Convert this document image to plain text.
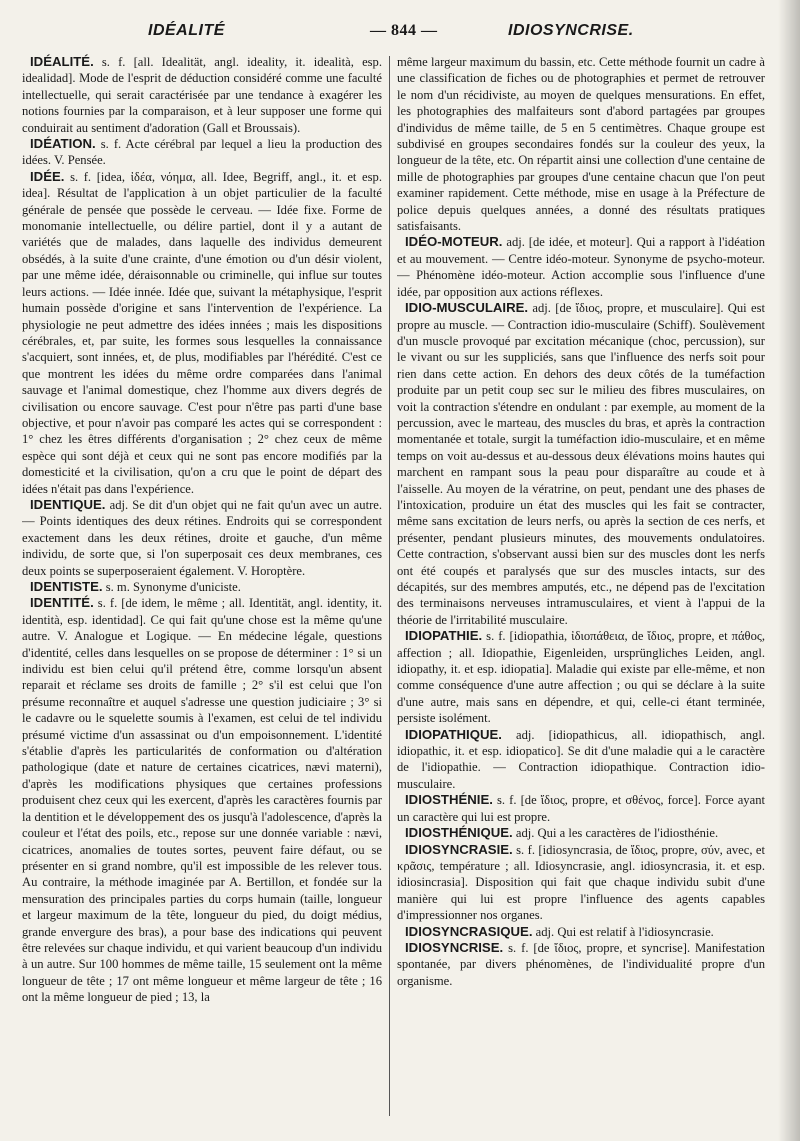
IDÉALITÉ	— 844 —	IDIOSYNCRISE.

IDÉALITÉ. s. f. [all. Idealität, angl. ideality, it. idealità, esp. idealidad]. Mode de l'esprit de déduction considéré comme une faculté intellectuelle, qui serait caractérisée par une tendance à exagérer les notions fournies par la comparaison, et à leur supposer une forme qui conduirait au sentiment d'adoration (Gall et Broussais).

IDÉATION. s. f. Acte cérébral par lequel a lieu la production des idées. V. Pensée.

IDÉE. s. f. [idea, ἰδέα, νόημα, all. Idee, Begriff, angl., it. et esp. idea]. Résultat de l'application à un objet particulier de la faculté générale de pensée que possède le cerveau. — Idée fixe. Forme de monomanie intellectuelle, ou délire partiel, dont il y a autant de variétés que de malades, dans laquelle des individus demeurent obsédés, à la suite d'une crainte, d'une émotion ou d'un désir violent, par une même idée, déraisonnable ou criminelle, qui influe sur toutes leurs actions. — Idée innée. Idée que, suivant la métaphysique, l'esprit humain possède d'origine et sans l'intervention de l'expérience. La physiologie ne peut admettre des idées innées ; mais les dispositions cérébrales, et, par suite, les formes sous lesquelles la connaissance s'acquiert, sont innées, et, de plus, modifiables par l'hérédité. C'est ce que montrent les idées du même ordre comparées dans l'animal sauvage et l'animal domestique, chez l'homme aux divers degrés de civilisation ou encore sauvage. C'est pour n'être pas parti d'une base objective, et pour n'avoir pas comparé les actes qui se correspondent : 1° chez les êtres différents d'organisation ; 2° chez ceux de même espèce qui sont déjà et ceux qui ne sont pas encore modifiés par la domesticité et la civilisation, qu'on a cru que le point de départ des idées n'était pas dans l'expérience.

IDENTIQUE. adj. Se dit d'un objet qui ne fait qu'un avec un autre. — Points identiques des deux rétines. Endroits qui se correspondent exactement dans les deux rétines, droite et gauche, d'un même individu, de sorte que, si l'on superposait ces deux membranes, ces deux points se superposeraient également. V. Horoptère.

IDENTISTE. s. m. Synonyme d'uniciste.

IDENTITÉ. s. f. [de idem, le même ; all. Identität, angl. identity, it. identità, esp. identidad]. Ce qui fait qu'une chose est la même qu'une autre. V. Analogue et Logique. — En médecine légale, questions d'identité, celles dans lesquelles on se propose de déterminer : 1° si un individu est bien celui qu'il prétend être, comme lorsqu'un absent reparait et réclame ses droits de famille ; 2° s'il est celui que l'on présume reconnaître et auquel s'adresse une question judiciaire ; 3° si le cadavre ou le squelette soumis à l'examen, est celui de tel individu présumé victime d'un assassinat ou d'un empoisonnement. L'identité s'établie d'après les particularités de conformation ou d'altération pathologique (date et nature de certaines cicatrices, nævi materni), d'après les modifications physiques que certaines professions produisent chez ceux qui les exercent, d'après les caractères fournis par la dentition et le développement des os jusqu'à l'adolescence, d'après la couleur et l'état des poils, etc., repose sur une donnée variable : nævi, cicatrices, anomalies de toutes sortes, peuvent faire défaut, ou se présenter en si grand nombre, qu'il est impossible de les relever tous. Au contraire, la méthode imaginée par A. Bertillon, et fondée sur la mensuration des principales parties du corps humain (taille, longueur et largeur maximum de la tête, longueur du pied, du doigt médius, grande envergure des bras), a pour base des indications qui peuvent être relevées sur chaque individu, et qui varient beaucoup d'un individu à un autre. Sur 100 hommes de même taille, 15 seulement ont la même longueur de tête ; 17 ont même longueur et même largeur de tête ; 16 ont la même longueur de pied ; 13, la

même largeur maximum du bassin, etc. Cette méthode fournit un cadre à une classification de fiches ou de photographies et permet de retrouver le nom d'un récidiviste, au moyen de quelques mensurations. En effet, les photographies des malfaiteurs sont d'abord partagées par groupes d'individus de même taille, de 5 en 5 centimètres. Chaque groupe est subdivisé en groupes secondaires fondés sur la couleur des yeux, la longueur de la tête, etc. On répartit ainsi une collection d'une centaine de mille de photographies par groupes d'une centaine chacun que l'on peut examiner rapidement. Cette méthode, mise en usage à la Préfecture de police depuis quelques années, a donné des résultats pratiques satisfaisants.

IDÉO-MOTEUR. adj. [de idée, et moteur]. Qui a rapport à l'idéation et au mouvement. — Centre idéo-moteur. Synonyme de psycho-moteur. — Phénomène idéo-moteur. Action accomplie sous l'influence d'une idée, par opposition aux actions réflexes.

IDIO-MUSCULAIRE. adj. [de ἴδιος, propre, et musculaire]. Qui est propre au muscle. — Contraction idio-musculaire (Schiff). Soulèvement d'un muscle provoqué par excitation mécanique (choc, percussion), sur le vivant ou sur les suppliciés, sans que l'influence des nerfs soit pour rien dans cette action. En dehors des deux côtés de la tuméfaction produite par un petit coup sec sur le milieu des fibres musculaires, on voit la contraction s'étendre en ondulant : par exemple, au moment de la percussion, avec le marteau, des muscles du bras, et après la contraction momentanée et totale, surgit la tuméfaction idio-musculaire, et en même temps on voit au-dessus et au-dessous deux élévations moins hautes qui marchent en rampant sous la peau pour disparaître au coude et à l'aisselle. Au moyen de la vératrine, on peut, pendant une des phases de l'intoxication, produire un état des muscles qui les fait se contracter, même sans excitation de leurs nerfs, ou après la section de ces nerfs, et présenter, pendant plusieurs minutes, des mouvements ondulatoires. Cette contraction, s'observant aussi bien sur des muscles dont les nerfs ont été coupés et paralysés que sur des muscles intacts, sur des décapités, sur des membres amputés, etc., ne dépend pas de l'excitation des terminaisons nerveuses intramusculaires, et vient à l'appui de la théorie de l'irritabilité musculaire.

IDIOPATHIE. s. f. [idiopathia, ἰδιοπάθεια, de ἴδιος, propre, et πάθος, affection ; all. Idiopathie, Eigenleiden, ursprüngliches Leiden, angl. idiopathy, it. et esp. idiopatia]. Maladie qui existe par elle-même, et non comme conséquence d'une autre affection ; ou qui se déclare à la suite d'une autre, mais sans en dépendre, et qui, celle-ci étant terminée, persiste isolément.

IDIOPATHIQUE. adj. [idiopathicus, all. idiopathisch, angl. idiopathic, it. et esp. idiopatico]. Se dit d'une maladie qui a le caractère de l'idiopathie. — Contraction idiopathique. Contraction idio-musculaire.

IDIOSTHÉNIE. s. f. [de ἴδιος, propre, et σθένος, force]. Force ayant un caractère qui lui est propre.

IDIOSTHÉNIQUE. adj. Qui a les caractères de l'idiosthénie.

IDIOSYNCRASIE. s. f. [idiosyncrasia, de ἴδιος, propre, σύν, avec, et κρᾶσις, température ; all. Idiosyncrasie, angl. idiosyncrasia, it. et esp. idiosincrasia]. Disposition qui fait que chaque individu subit d'une manière qui lui est propre l'influence des agents capables d'impressionner nos organes.

IDIOSYNCRASIQUE. adj. Qui est relatif à l'idiosyncrasie.

IDIOSYNCRISE. s. f. [de ἴδιος, propre, et syncrise]. Manifestation spontanée, par divers phénomènes, de l'individualité propre d'un organisme.
